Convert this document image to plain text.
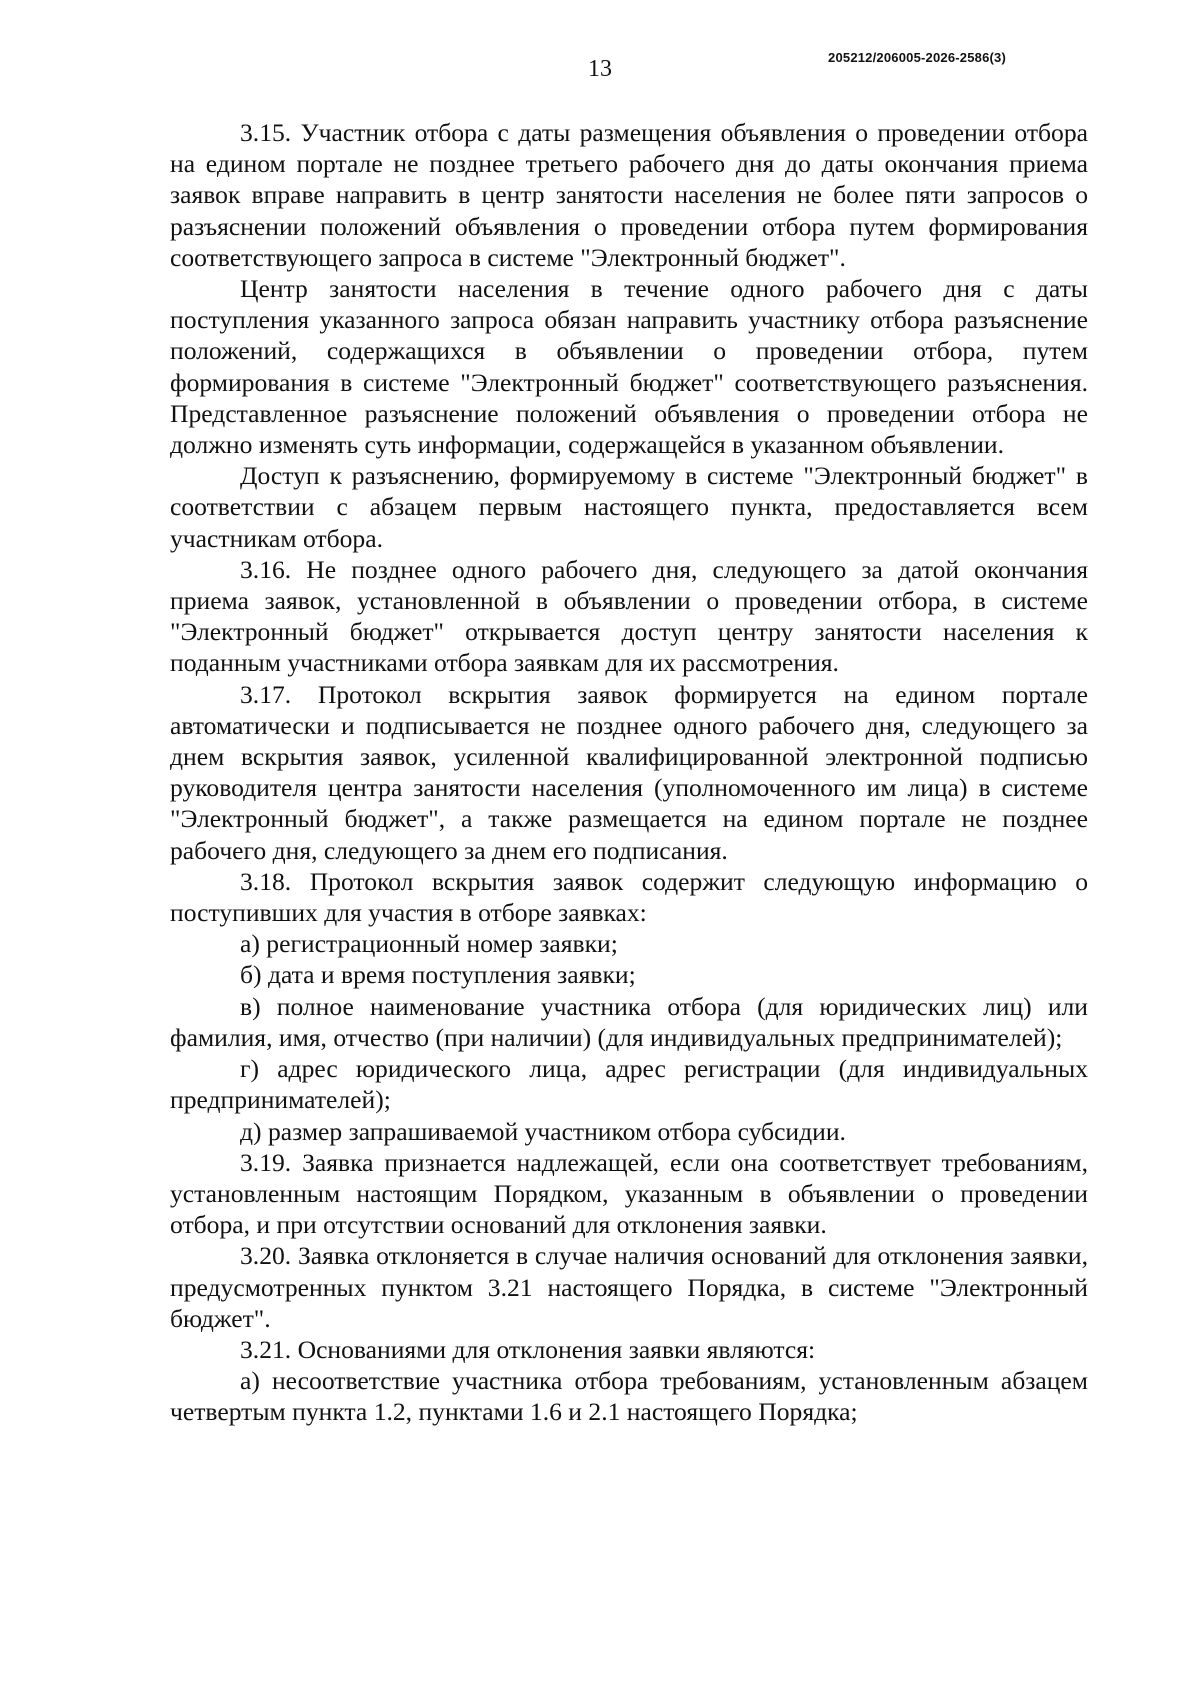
13	205212/206005-2026-2586(3)

3.15. Участник отбора с даты размещения объявления о проведении отбора на едином портале не позднее третьего рабочего дня до даты окончания приема заявок вправе направить в центр занятости населения не более пяти запросов о разъяснении положений объявления о проведении отбора путем формирования соответствующего запроса в системе "Электронный бюджет".

Центр занятости населения в течение одного рабочего дня с даты поступления указанного запроса обязан направить участнику отбора разъяснение положений, содержащихся в объявлении о проведении отбора, путем формирования в системе "Электронный бюджет" соответствующего разъяснения. Представленное разъяснение положений объявления о проведении отбора не должно изменять суть информации, содержащейся в указанном объявлении.

Доступ к разъяснению, формируемому в системе "Электронный бюджет" в соответствии с абзацем первым настоящего пункта, предоставляется всем участникам отбора.

3.16. Не позднее одного рабочего дня, следующего за датой окончания приема заявок, установленной в объявлении о проведении отбора, в системе "Электронный бюджет" открывается доступ центру занятости населения к поданным участниками отбора заявкам для их рассмотрения.

3.17. Протокол вскрытия заявок формируется на едином портале автоматически и подписывается не позднее одного рабочего дня, следующего за днем вскрытия заявок, усиленной квалифицированной электронной подписью руководителя центра занятости населения (уполномоченного им лица) в системе "Электронный бюджет", а также размещается на едином портале не позднее рабочего дня, следующего за днем его подписания.

3.18. Протокол вскрытия заявок содержит следующую информацию о поступивших для участия в отборе заявках:

а) регистрационный номер заявки;

б) дата и время поступления заявки;

в) полное наименование участника отбора (для юридических лиц) или фамилия, имя, отчество (при наличии) (для индивидуальных предпринимателей);

г) адрес юридического лица, адрес регистрации (для индивидуальных предпринимателей);

д) размер запрашиваемой участником отбора субсидии.

3.19. Заявка признается надлежащей, если она соответствует требованиям, установленным настоящим Порядком, указанным в объявлении о проведении отбора, и при отсутствии оснований для отклонения заявки.

3.20. Заявка отклоняется в случае наличия оснований для отклонения заявки, предусмотренных пунктом 3.21 настоящего Порядка, в системе "Электронный бюджет".

3.21. Основаниями для отклонения заявки являются:

а) несоответствие участника отбора требованиям, установленным абзацем четвертым пункта 1.2, пунктами 1.6 и 2.1 настоящего Порядка;
